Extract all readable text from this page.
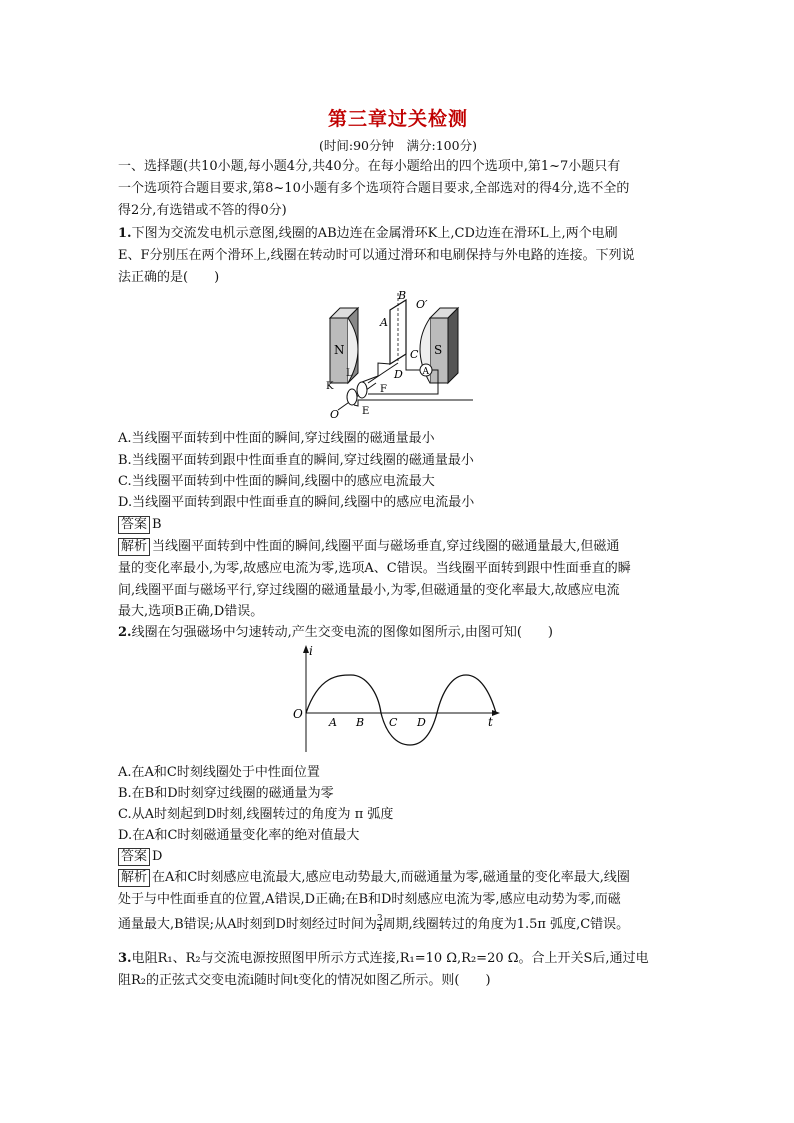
第三章过关检测
(时间:90分钟　满分:100分)
一、选择题(共10小题,每小题4分,共40分。在每小题给出的四个选项中,第1~7小题只有
一个选项符合题目要求,第8~10小题有多个选项符合题目要求,全部选对的得4分,选不全的
得2分,有选错或不答的得0分)
1.下图为交流发电机示意图,线圈的AB边连在金属滑环K上,CD边连在滑环L上,两个电刷
E、F分别压在两个滑环上,线圈在转动时可以通过滑环和电刷保持与外电路的连接。下列说
法正确的是(　　)
N	S
A
B
A
C
D
O′
L
K	F
E
O
A.当线圈平面转到中性面的瞬间,穿过线圈的磁通量最小
B.当线圈平面转到跟中性面垂直的瞬间,穿过线圈的磁通量最小
C.当线圈平面转到中性面的瞬间,线圈中的感应电流最大
D.当线圈平面转到跟中性面垂直的瞬间,线圈中的感应电流最小
答案 B
解析 当线圈平面转到中性面的瞬间,线圈平面与磁场垂直,穿过线圈的磁通量最大,但磁通
量的变化率最小,为零,故感应电流为零,选项A、C错误。当线圈平面转到跟中性面垂直的瞬
间,线圈平面与磁场平行,穿过线圈的磁通量最小,为零,但磁通量的变化率最大,故感应电流
最大,选项B正确,D错误。
2.线圈在匀强磁场中匀速转动,产生交变电流的图像如图所示,由图可知(　　)
i
t
O
A B C D
A.在A和C时刻线圈处于中性面位置
B.在B和D时刻穿过线圈的磁通量为零
C.从A时刻起到D时刻,线圈转过的角度为 π 弧度
D.在A和C时刻磁通量变化率的绝对值最大
答案 D
解析 在A和C时刻感应电流最大,感应电动势最大,而磁通量为零,磁通量的变化率最大,线圈
处于与中性面垂直的位置,A错误,D正确;在B和D时刻感应电流为零,感应电动势为零,而磁
通量最大,B错误;从A时刻到D时刻经过时间为 $\frac{3}{4}$ 周期,线圈转过的角度为1.5π 弧度,C错误。
3.电阻R₁、R₂与交流电源按照图甲所示方式连接,R₁=10 Ω,R₂=20 Ω。合上开关S后,通过电
阻R₂的正弦式交变电流i随时间t变化的情况如图乙所示。则(　　)
